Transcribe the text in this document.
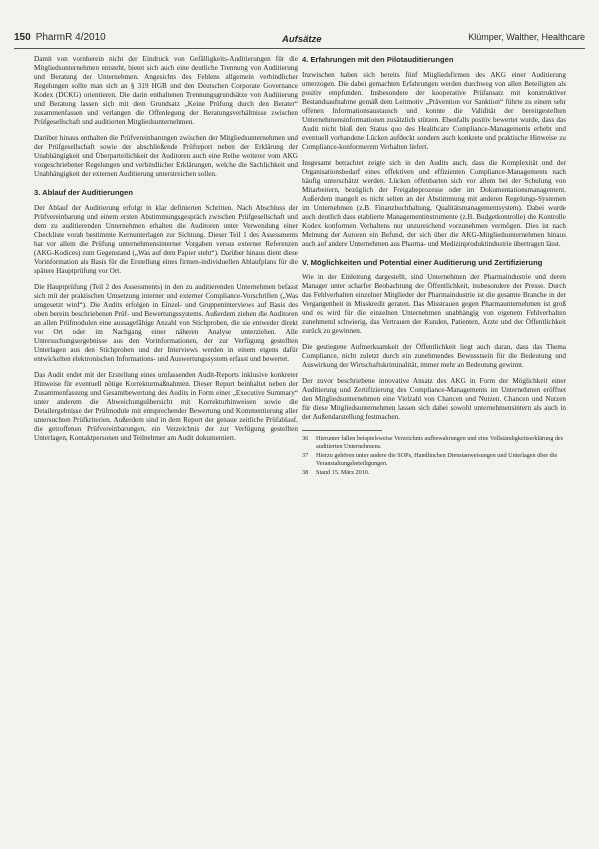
150 PharmR 4/2010	Aufsätze	Klümper, Walther, Healthcare

Damit von vornherein nicht der Eindruck von Gefälligkeits-Auditierungen für die Mitgliedsunternehmen entsteht, bietet sich auch eine deutliche Trennung von Auditierung und Beratung der Unternehmen. Angesichts des Fehlens allgemein verbindlicher Regelungen sollte man sich an § 319 HGB und den Deutschen Corporate Governance Kodex (DCKG) orientieren. Die darin enthaltenen Trennungsgrundsätze von Auditierung und Beratung lassen sich mit dem Grundsatz „Keine Prüfung durch den Berater“ zusammenfassen und verlangen die Offenlegung der Beratungsverhältnisse zwischen Prüfgesellschaft und auditierten Mitgliedsunternehmen.

Darüber hinaus enthalten die Prüfvereinbarungen zwischen der Mitgliedsunternehmen und der Prüfgesellschaft sowie der abschließende Prüfreport neben der Erklärung der Unabhängigkeit und Überparteilichkeit der Auditoren auch eine Reihe weiterer vom AKG vorgeschriebener Regelungen und verbindlicher Erklärungen, welche die Sachlichkeit und Unabhängigkeit der externen Auditierung unterstreichen sollen.

3. Ablauf der Auditierungen

Der Ablauf der Auditierung erfolgt in klar definierten Schritten. Nach Abschluss der Prüfvereinbarung und einem ersten Abstimmungsgespräch zwischen Prüfgesellschaft und dem zu auditierenden Unternehmen erhalten die Auditoren unter Verwendung einer Checkliste vorab bestimmte Kernunterlagen zur Sichtung. Dieser Teil 1 des Assessments hat vor allem die Prüfung unternehmensinterner Vorgaben versus externer Referenzen (AKG-Kodices) zum Gegenstand („Was auf dem Papier steht“). Darüber hinaus dient diese Vorinformation als Basis für die Erstellung eines firmen-individuellen Ablaufplans für die spätere Hauptprüfung vor Ort.

Die Hauptprüfung (Teil 2 des Assessments) in den zu auditierenden Unternehmen befasst sich mit der praktischen Umsetzung interner und externer Compliance-Vorschriften („Was umgesetzt wird“). Die Audits erfolgen in Einzel- und Gruppeninterviews auf Basis des oben bereits beschriebenen Prüf- und Bewertungssystems. Außerdem ziehen die Auditoren an allen Prüfmodulen eine aussagefähige Anzahl von Stichproben, die sie entweder direkt vor Ort oder im Nachgang einer näheren Analyse unterziehen. Alle Untersuchungsergebnisse aus den Vorinformationen, der zur Verfügung gestellten Unterlagen aus den Stichproben und der Interviews werden in einem eigens dafür entwickelten elektronischen Informations- und Auswertungssystem erfasst und bewertet.

Das Audit endet mit der Erstellung eines umfassenden Audit-Reports inklusive konkreter Hinweise für eventuell nötige Korrekturmaßnahmen. Dieser Report beinhaltet neben der Zusammenfassung und Gesamtbewertung des Audits in Form einer „Executive Summary“ unter anderem die Abweichungsübersicht mit Korrekturhinweisen sowie die Detailergebnisse der Prüfmodule mit entsprechender Bewertung und Kommentierung aller untersuchten Prüfkriterien. Außerdem sind in dem Report der genaue zeitliche Prüfablauf, die getroffenen Prüfvereinbarungen, ein Verzeichnis der zur Verfügung gestellten Unterlagen, Kontaktpersonen und Teilnehmer am Audit dokumentiert.

4. Erfahrungen mit den Pilotauditierungen

Inzwischen haben sich bereits fünf Mitgliedsfirmen des AKG einer Auditierung unterzogen. Die dabei gemachten Erfahrungen werden durchweg von allen Beteiligten als positiv empfunden. Insbesondere der kooperative Prüfansatz mit konstruktiver Bestandsaufnahme gemäß dem Leitmotiv „Prävention vor Sanktion“ führte zu einem sehr offenen Informationsaustausch und konnte die Validität der bereitgestellten Unternehmensinformationen zusätzlich stützen. Ebenfalls positiv bewertet wurde, dass das Audit nicht bloß den Status quo des Healthcare Compliance-Managements erhebt und eventuell vorhandene Lücken aufdeckt sondern auch konkrete und praktische Hinweise zu Compliance-konformerem Verhalten liefert.

Insgesamt betrachtet zeigte sich in den Audits auch, dass die Komplexität und der Organisationsbedarf eines effektiven und effizienten Compliance-Managements nach häufig unterschätzt werden. Lücken offenbarten sich vor allem bei der Schulung von Mitarbeitern, bezüglich der Freigabeprozesse oder im Dokumentationsmanagement. Außerdem mangelt es nicht selten an der Abstimmung mit anderen Regelungs-Systemen im Unternehmen (z.B. Finanzbuchhaltung, Qualitätsmanagementsystem). Dabei wurde auch deutlich dass etablierte Managementinstrumente (z.B. Budgetkontrolle) die Kontrolle Kodex konformen Verhaltens nur unzureichend vorzunehmen vermögen. Dies ist nach Meinung der Autoren ein Befund, der sich über die AKG-Mitgliedsunternehmen hinaus auch auf andere Unternehmen aus Pharma- und Medizinproduktindustrie übertragen lässt.

V. Möglichkeiten und Potential einer Auditierung und Zertifizierung

Wie in der Einleitung dargestellt, sind Unternehmen der Pharmaindustrie und deren Manager unter scharfer Beobachtung der Öffentlichkeit, insbesondere der Presse. Durch das Fehlverhalten einzelner Mitglieder der Pharmaindustrie ist die gesamte Branche in der Vergangenheit in Misskredit geraten. Das Misstrauen gegen Pharmaunternehmen ist groß und es wird für die einzelnen Unternehmen unabhängig von eigenem Fehlverhalten zunehmend schwierig, das Vertrauen der Kunden, Patienten, Ärzte und der Öffentlichkeit zurück zu gewinnen.

Die gestiegene Aufmerksamkeit der Öffentlichkeit liegt auch daran, dass das Thema Compliance, nicht zuletzt durch ein zunehmendes Bewusstsein für die Bedeutung und Auswirkung der Wirtschaftskriminalität, immer mehr an Bedeutung gewinnt.

Der zuvor beschriebene innovative Ansatz des AKG in Form der Möglichkeit einer Auditierung und Zertifizierung des Compliance-Managements im Unternehmen eröffnet den Mitgliedsunternehmen eine Vielzahl von Chancen und Nutzen. Chancen und Nutzen für diese Mitgliedsunternehmen lassen sich dabei sowohl unternehmensintern als auch in der Außendarstellung festmachen.

36	Hierunter fallen beispielsweise Verzeichnis aufbewahrungen und eine Vollständigkeitserklärung des auditierten Unternehmens.
37	Hierzu gehören unter andere die SOPs, Handlinchen Dienstanweisungen und Unterlagen über die Veranstaltungsbeteiligungen.
38	Stand 15. März 2010.
